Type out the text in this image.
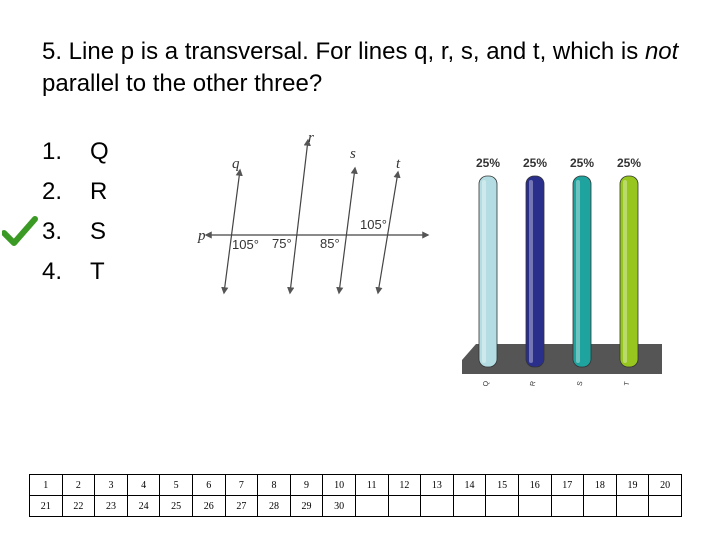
5. Line p is a transversal. For lines q, r, s, and t, which is not parallel to the other three?
1. Q
2. R
3. S
4. T
p
q
r
s
t
105° 75° 85°
105°
25%
Q
25%
R
25%
S
25%
T
1	2	3	4	5	6	7	8	9	10	11	12	13	14	15	16	17	18	19	20
21	22	23	24	25	26	27	28	29	30										
